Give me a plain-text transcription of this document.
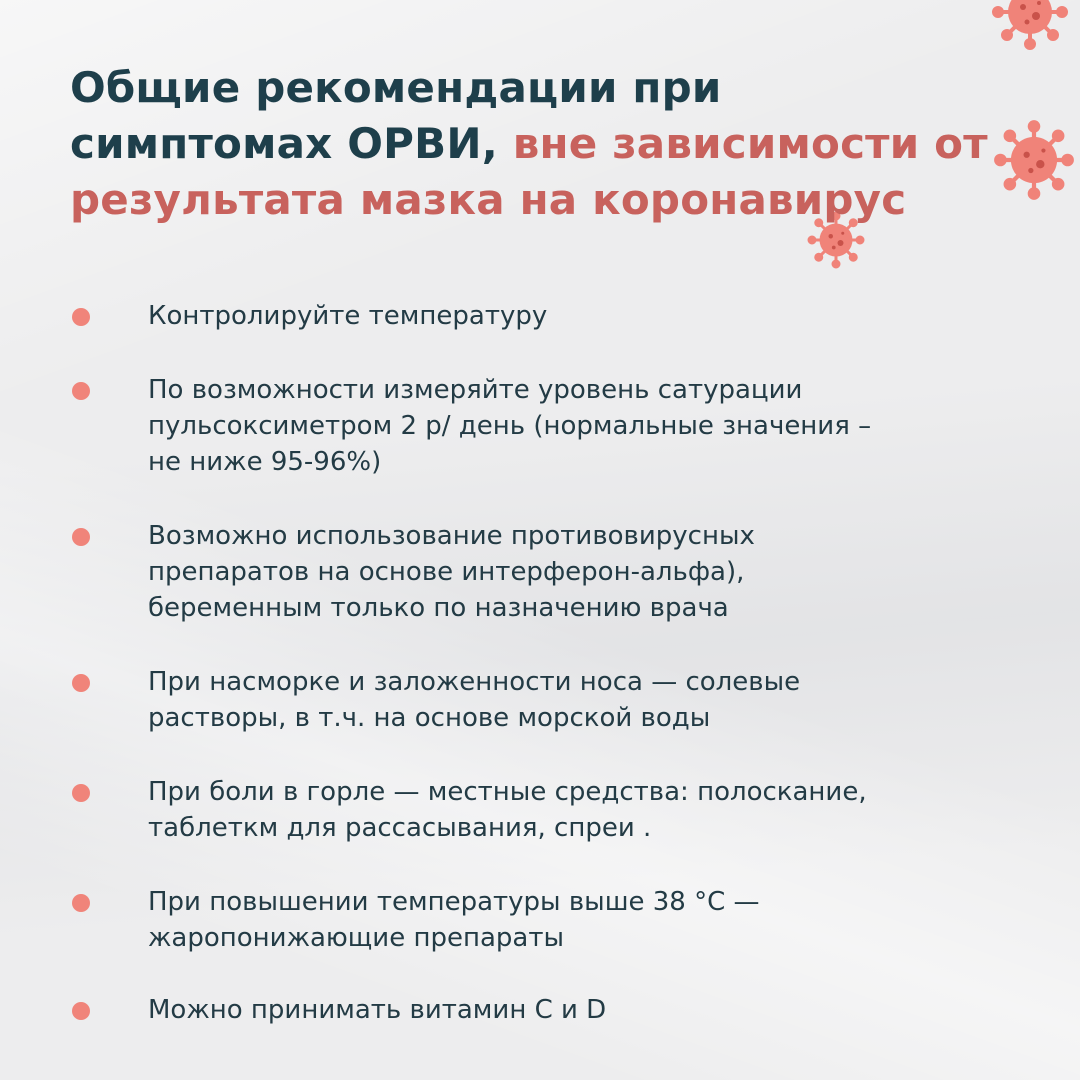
Общие рекомендации при симптомах ОРВИ, вне зависимости от результата мазка на коронавирус
Контролируйте температуру
По возможности измеряйте уровень сатурации
пульсоксиметром 2 р/ день (нормальные значения –
не ниже 95-96%)
Возможно использование противовирусных
препаратов на основе интерферон-альфа),
беременным только по назначению врача
При насморке и заложенности носа — солевые
растворы, в т.ч. на основе морской воды
При боли в горле — местные средства: полоскание,
таблеткм для рассасывания, спреи .
При повышении температуры выше 38 °С —
жаропонижающие препараты
Можно принимать витамин С и D
